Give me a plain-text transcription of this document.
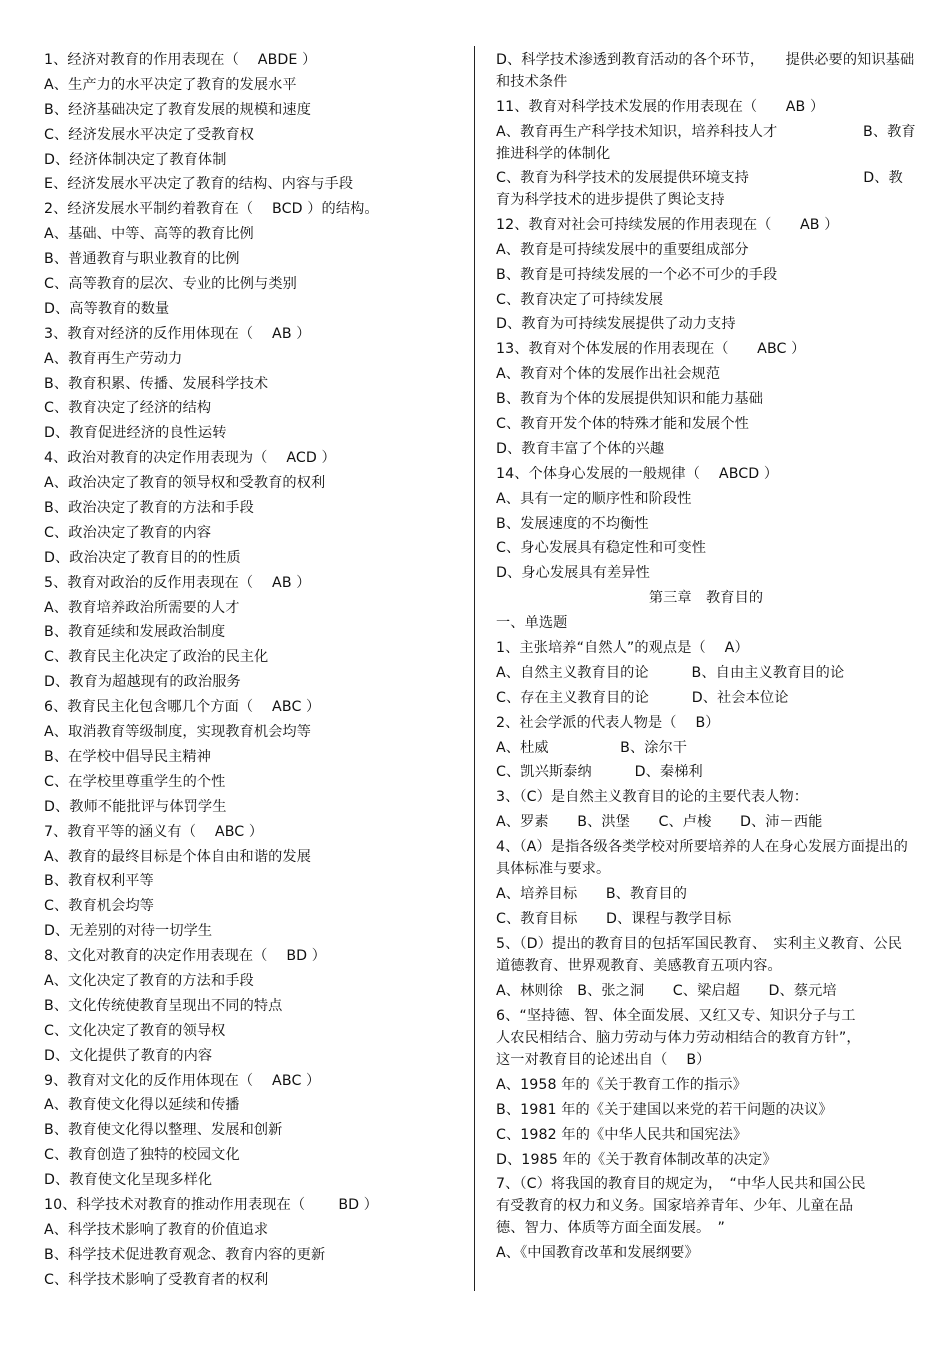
1、经济对教育的作用表现在（　 ABDE ）
A、生产力的水平决定了教育的发展水平
B、经济基础决定了教育发展的规模和速度
C、经济发展水平决定了受教育权
D、经济体制决定了教育体制
E、经济发展水平决定了教育的结构、内容与手段
2、经济发展水平制约着教育在（　 BCD ）的结构。
A、基础、中等、高等的教育比例
B、普通教育与职业教育的比例
C、高等教育的层次、专业的比例与类别
D、高等教育的数量
3、教育对经济的反作用体现在（　 AB ）
A、教育再生产劳动力
B、教育积累、传播、发展科学技术
C、教育决定了经济的结构
D、教育促进经济的良性运转
4、政治对教育的决定作用表现为（　 ACD ）
A、政治决定了教育的领导权和受教育的权利
B、政治决定了教育的方法和手段
C、政治决定了教育的内容
D、政治决定了教育目的的性质
5、教育对政治的反作用表现在（　 AB ）
A、教育培养政治所需要的人才
B、教育延续和发展政治制度
C、教育民主化决定了政治的民主化
D、教育为超越现有的政治服务
6、教育民主化包含哪几个方面（　 ABC ）
A、取消教育等级制度，实现教育机会均等
B、在学校中倡导民主精神
C、在学校里尊重学生的个性
D、教师不能批评与体罚学生
7、教育平等的涵义有（　 ABC ）
A、教育的最终目标是个体自由和谐的发展
B、教育权利平等
C、教育机会均等
D、无差别的对待一切学生
8、文化对教育的决定作用表现在（　 BD ）
A、文化决定了教育的方法和手段
B、文化传统使教育呈现出不同的特点
C、文化决定了教育的领导权
D、文化提供了教育的内容
9、教育对文化的反作用体现在（　 ABC ）
A、教育使文化得以延续和传播
B、教育使文化得以整理、发展和创新
C、教育创造了独特的校园文化
D、教育使文化呈现多样化
10、科学技术对教育的推动作用表现在（　　 BD ）
A、科学技术影响了教育的价值追求
B、科学技术促进教育观念、教育内容的更新
C、科学技术影响了受教育者的权利
D、科学技术渗透到教育活动的各个环节，　　提供必要的知识基础和技术条件
11、教育对科学技术发展的作用表现在（　　AB ）
A、教育再生产科学技术知识，培养科技人才　　　　　　B、教育推进科学的体制化
C、教育为科学技术的发展提供环境支持　　　　　　　　D、教育为科学技术的进步提供了舆论支持
12、教育对社会可持续发展的作用表现在（　　AB ）
A、教育是可持续发展中的重要组成部分
B、教育是可持续发展的一个必不可少的手段
C、教育决定了可持续发展
D、教育为可持续发展提供了动力支持
13、教育对个体发展的作用表现在（　　ABC ）
A、教育对个体的发展作出社会规范
B、教育为个体的发展提供知识和能力基础
C、教育开发个体的特殊才能和发展个性
D、教育丰富了个体的兴趣
14、个体身心发展的一般规律（　 ABCD ）
A、具有一定的顺序性和阶段性
B、发展速度的不均衡性
C、身心发展具有稳定性和可变性
D、身心发展具有差异性
第三章　教育目的
一、单选题
1、主张培养“自然人”的观点是（　 A）
A、自然主义教育目的论　　　B、自由主义教育目的论
C、存在主义教育目的论　　　D、社会本位论
2、社会学派的代表人物是（　 B）
A、杜威　　　　　B、涂尔干
C、凯兴斯泰纳　　　D、秦梯利
3、（C）是自然主义教育目的论的主要代表人物：
A、罗素　　B、洪堡　　C、卢梭　　D、沛－西能
4、（A）是指各级各类学校对所要培养的人在身心发展方面提出的具体标准与要求。
A、培养目标　　B、教育目的
C、教育目标　　D、课程与教学目标
5、（D）提出的教育目的包括军国民教育、　实利主义教育、公民道德教育、世界观教育、美感教育五项内容。
A、林则徐　B、张之洞　　C、梁启超　　D、蔡元培
6、“坚持德、智、体全面发展、又红又专、知识分子与工人农民相结合、脑力劳动与体力劳动相结合的教育方针”，这一对教育目的论述出自（　 B）
A、1958 年的《关于教育工作的指示》
B、1981 年的《关于建国以来党的若干问题的决议》
C、1982 年的《中华人民共和国宪法》
D、1985 年的《关于教育体制改革的决定》
7、（C）将我国的教育目的规定为，　“中华人民共和国公民有受教育的权力和义务。国家培养青年、少年、儿童在品德、智力、体质等方面全面发展。　”
A、《中国教育改革和发展纲要》
